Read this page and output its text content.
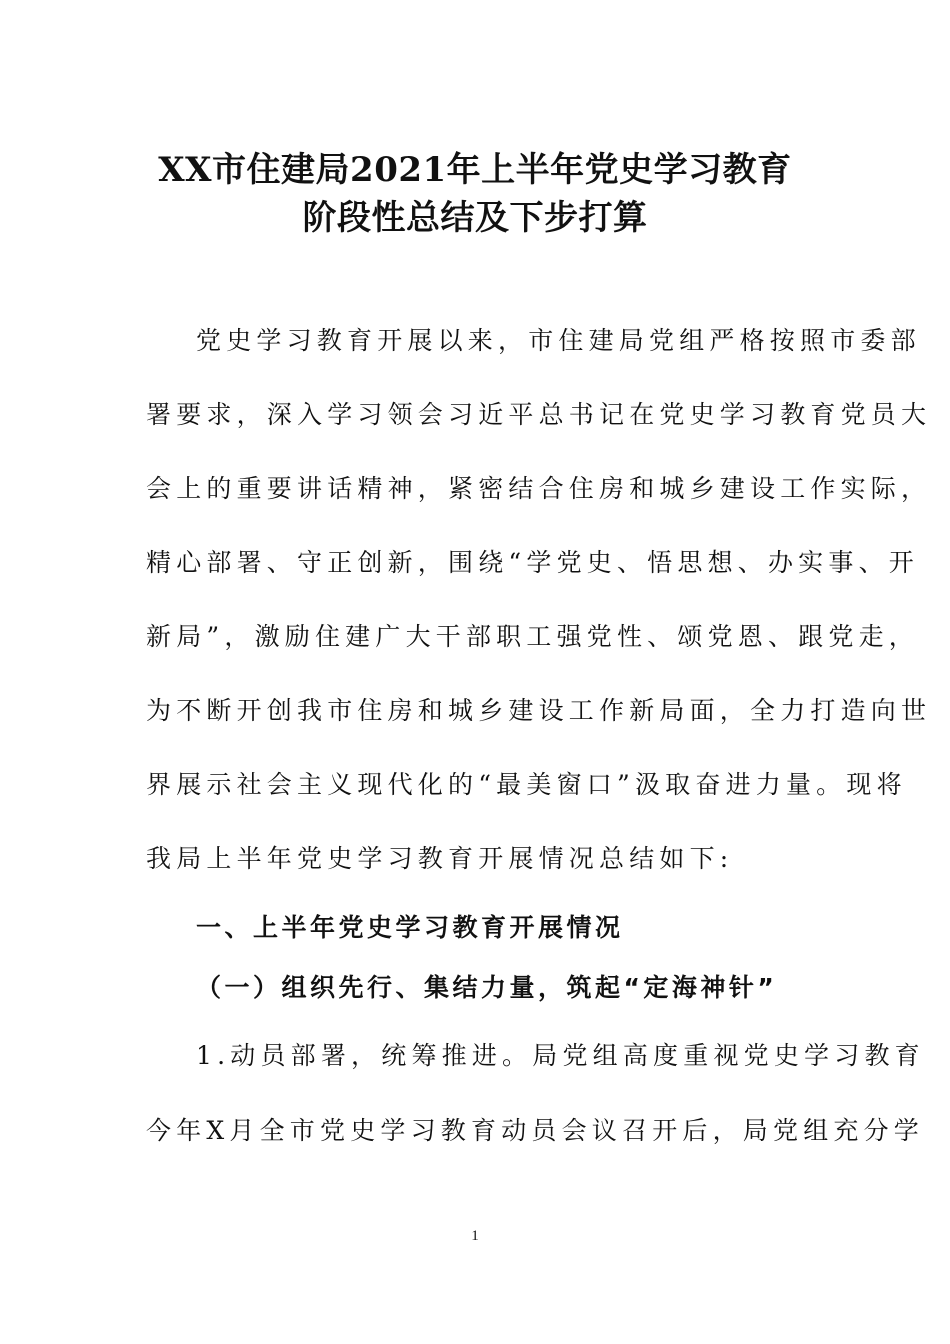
XX市住建局2021年上半年党史学习教育
阶段性总结及下步打算
党史学习教育开展以来，市住建局党组严格按照市委部
署要求，深入学习领会习近平总书记在党史学习教育党员大
会上的重要讲话精神，紧密结合住房和城乡建设工作实际，
精心部署、守正创新，围绕“学党史、悟思想、办实事、开
新局”，激励住建广大干部职工强党性、颂党恩、跟党走，
为不断开创我市住房和城乡建设工作新局面，全力打造向世
界展示社会主义现代化的“最美窗口”汲取奋进力量。现将
我局上半年党史学习教育开展情况总结如下:
一、上半年党史学习教育开展情况
（一）组织先行、集结力量，筑起“定海神针”
1.动员部署，统筹推进。局党组高度重视党史学习教育
今年X月全市党史学习教育动员会议召开后，局党组充分学
1
